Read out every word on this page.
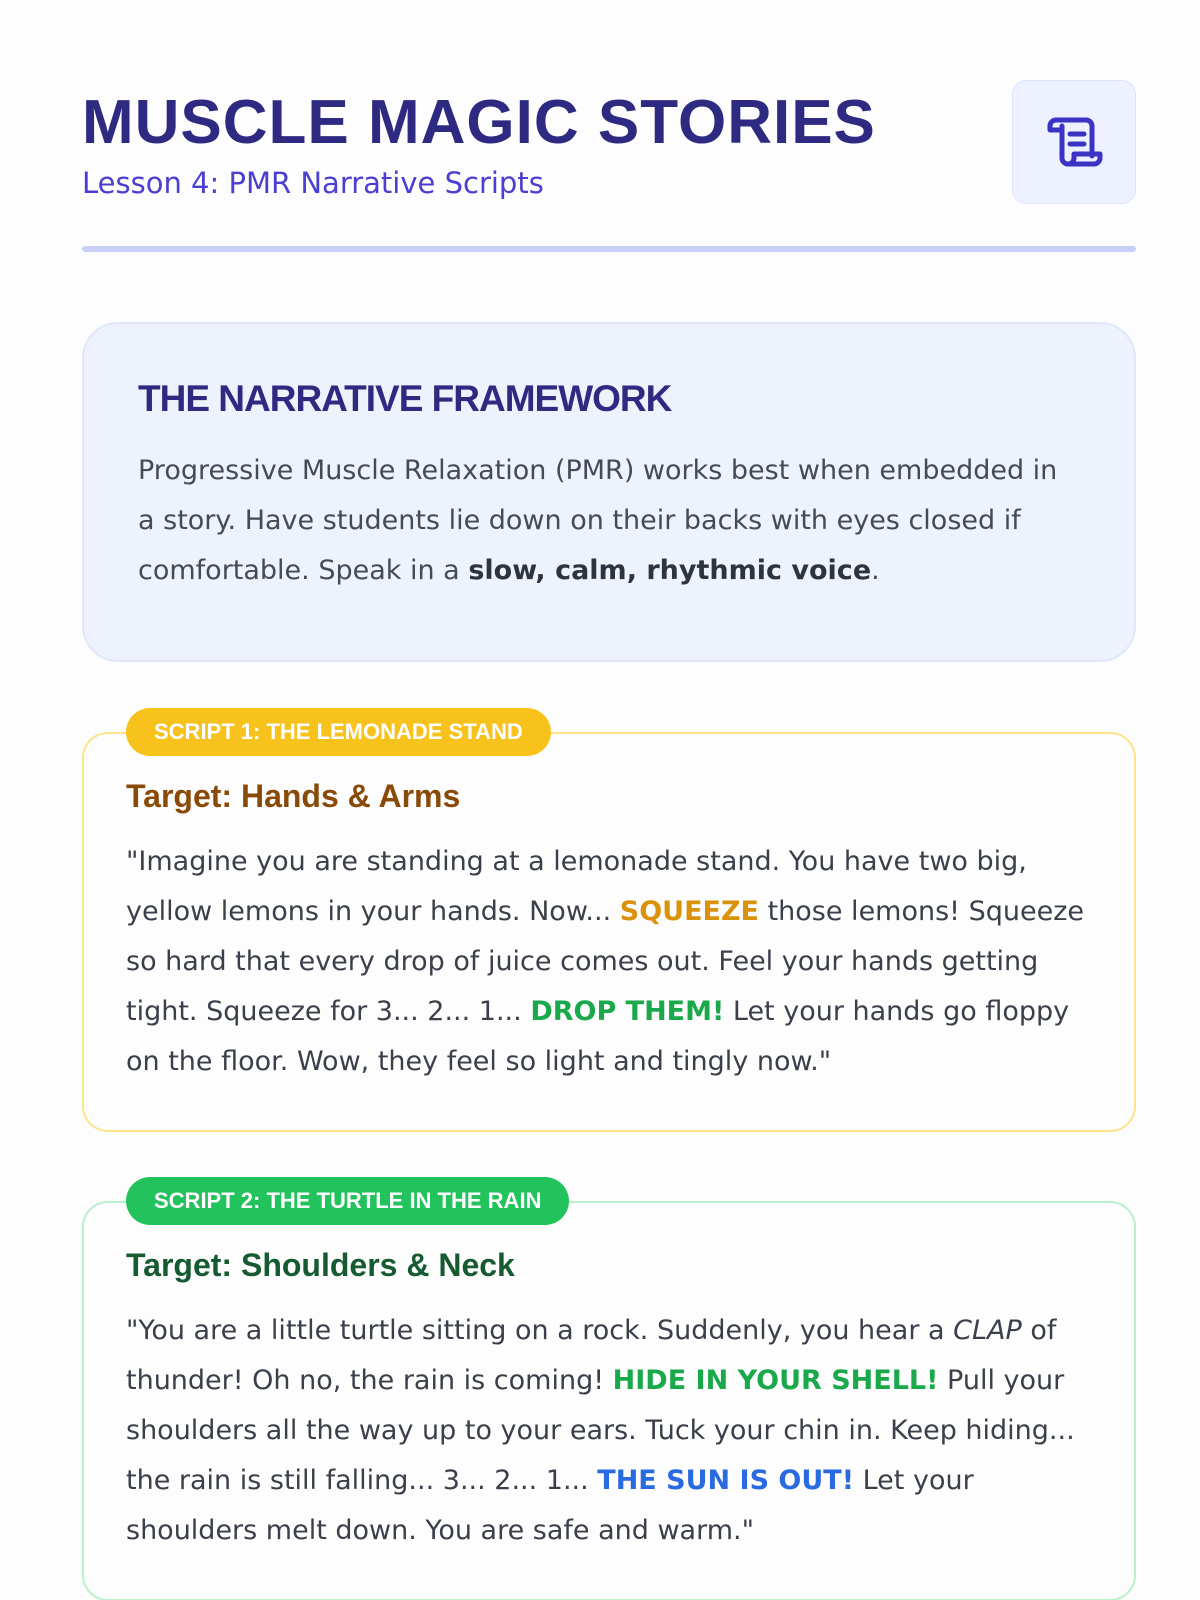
MUSCLE MAGIC STORIES
Lesson 4: PMR Narrative Scripts
THE NARRATIVE FRAMEWORK

Progressive Muscle Relaxation (PMR) works best when embedded in a story. Have students lie down on their backs with eyes closed if comfortable. Speak in a slow, calm, rhythmic voice.

SCRIPT 1: THE LEMONADE STAND
Target: Hands & Arms

"Imagine you are standing at a lemonade stand. You have two big, yellow lemons in your hands. Now... SQUEEZE those lemons! Squeeze so hard that every drop of juice comes out. Feel your hands getting tight. Squeeze for 3... 2... 1... DROP THEM! Let your hands go floppy on the floor. Wow, they feel so light and tingly now."

SCRIPT 2: THE TURTLE IN THE RAIN
Target: Shoulders & Neck

"You are a little turtle sitting on a rock. Suddenly, you hear a CLAP of thunder! Oh no, the rain is coming! HIDE IN YOUR SHELL! Pull your shoulders all the way up to your ears. Tuck your chin in. Keep hiding... the rain is still falling... 3... 2... 1... THE SUN IS OUT! Let your shoulders melt down. You are safe and warm."
